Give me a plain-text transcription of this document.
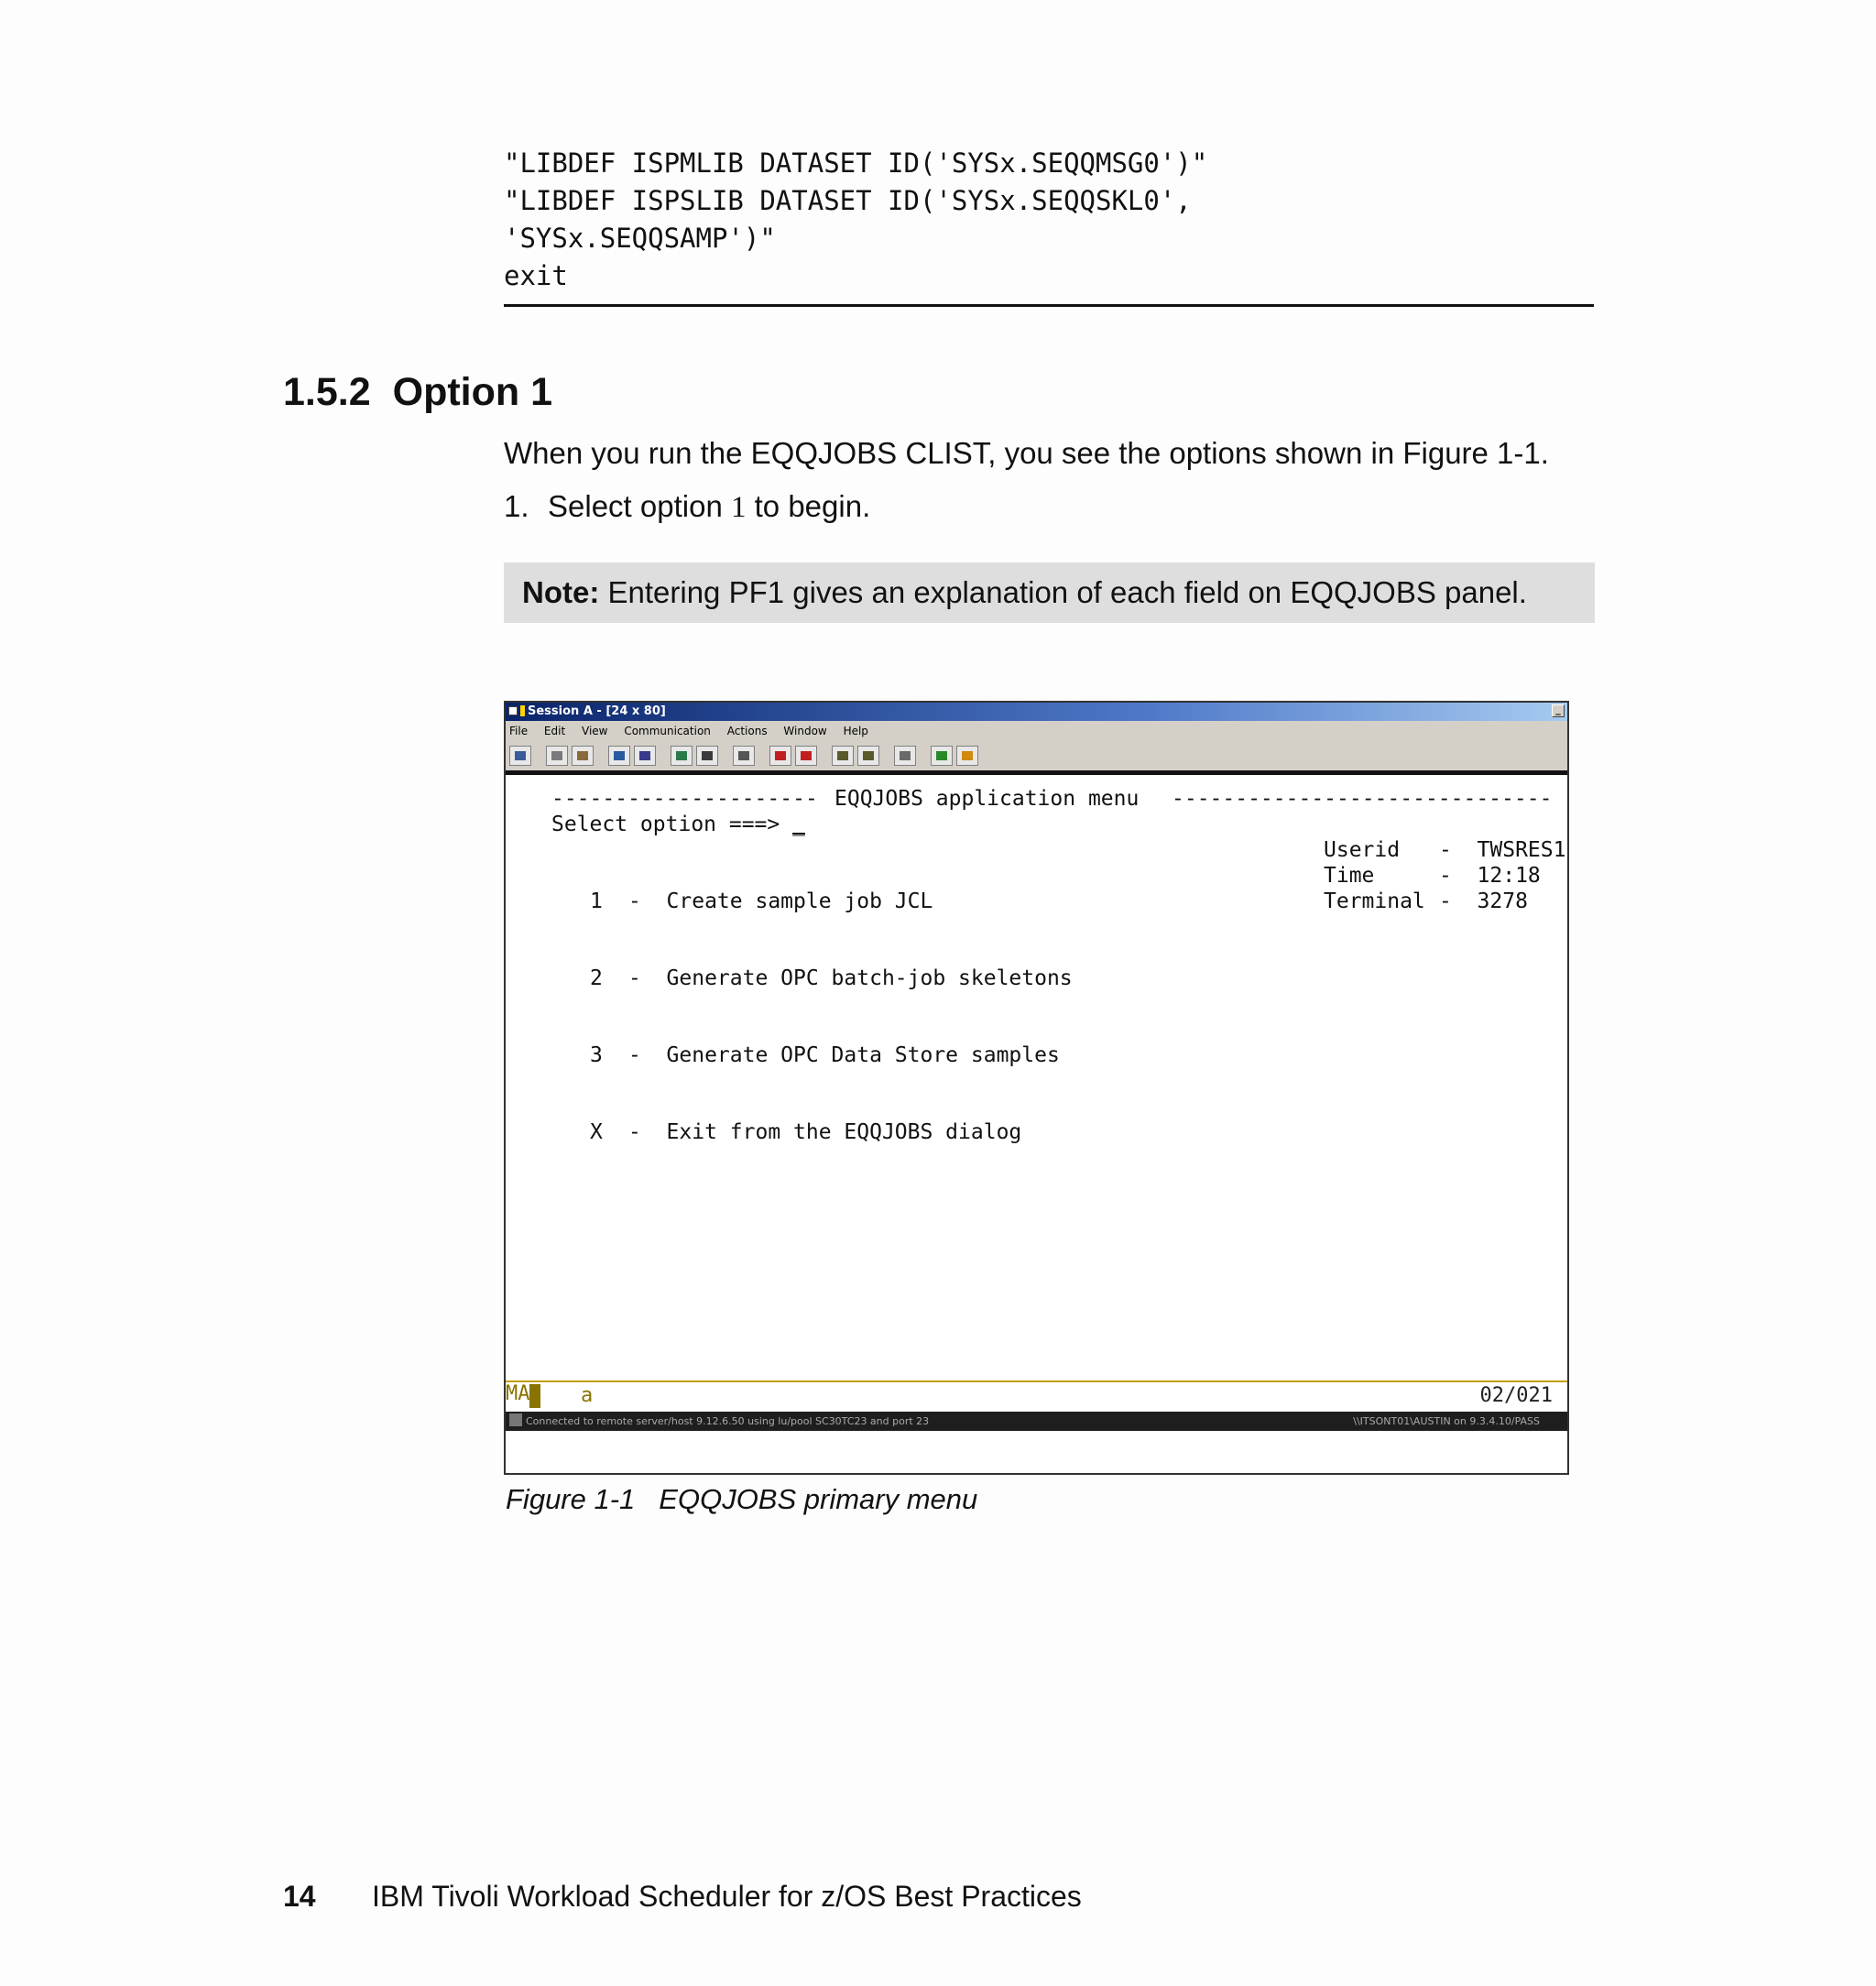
"LIBDEF ISPMLIB DATASET ID('SYSx.SEQQMSG0')"
"LIBDEF ISPSLIB DATASET ID('SYSx.SEQQSKL0',
'SYSx.SEQQSAMP')"
exit
1.5.2 Option 1

When you run the EQQJOBS CLIST, you see the options shown in Figure 1-1.

1. Select option 1 to begin.
Note: Entering PF1 gives an explanation of each field on EQQJOBS panel.
Session A - [24 x 80]	_
File Edit View Communication Actions Window Help
--------------------- EQQJOBS application menu ------------------------------
Select option ===> _
Userid -  TWSRES1
Time	-  12:18
Terminal -  3278
1 -  Create sample job JCL
2 -  Generate OPC batch-job skeletons
3 -  Generate OPC Data Store samples
X -  Exit from the EQQJOBS dialog
MA	a	02/021
Connected to remote server/host 9.12.6.50 using lu/pool SC30TC23 and port 23	\\ITSONT01\AUSTIN on 9.3.4.10/PASS
Figure 1-1 EQQJOBS primary menu
14 IBM Tivoli Workload Scheduler for z/OS Best Practices
